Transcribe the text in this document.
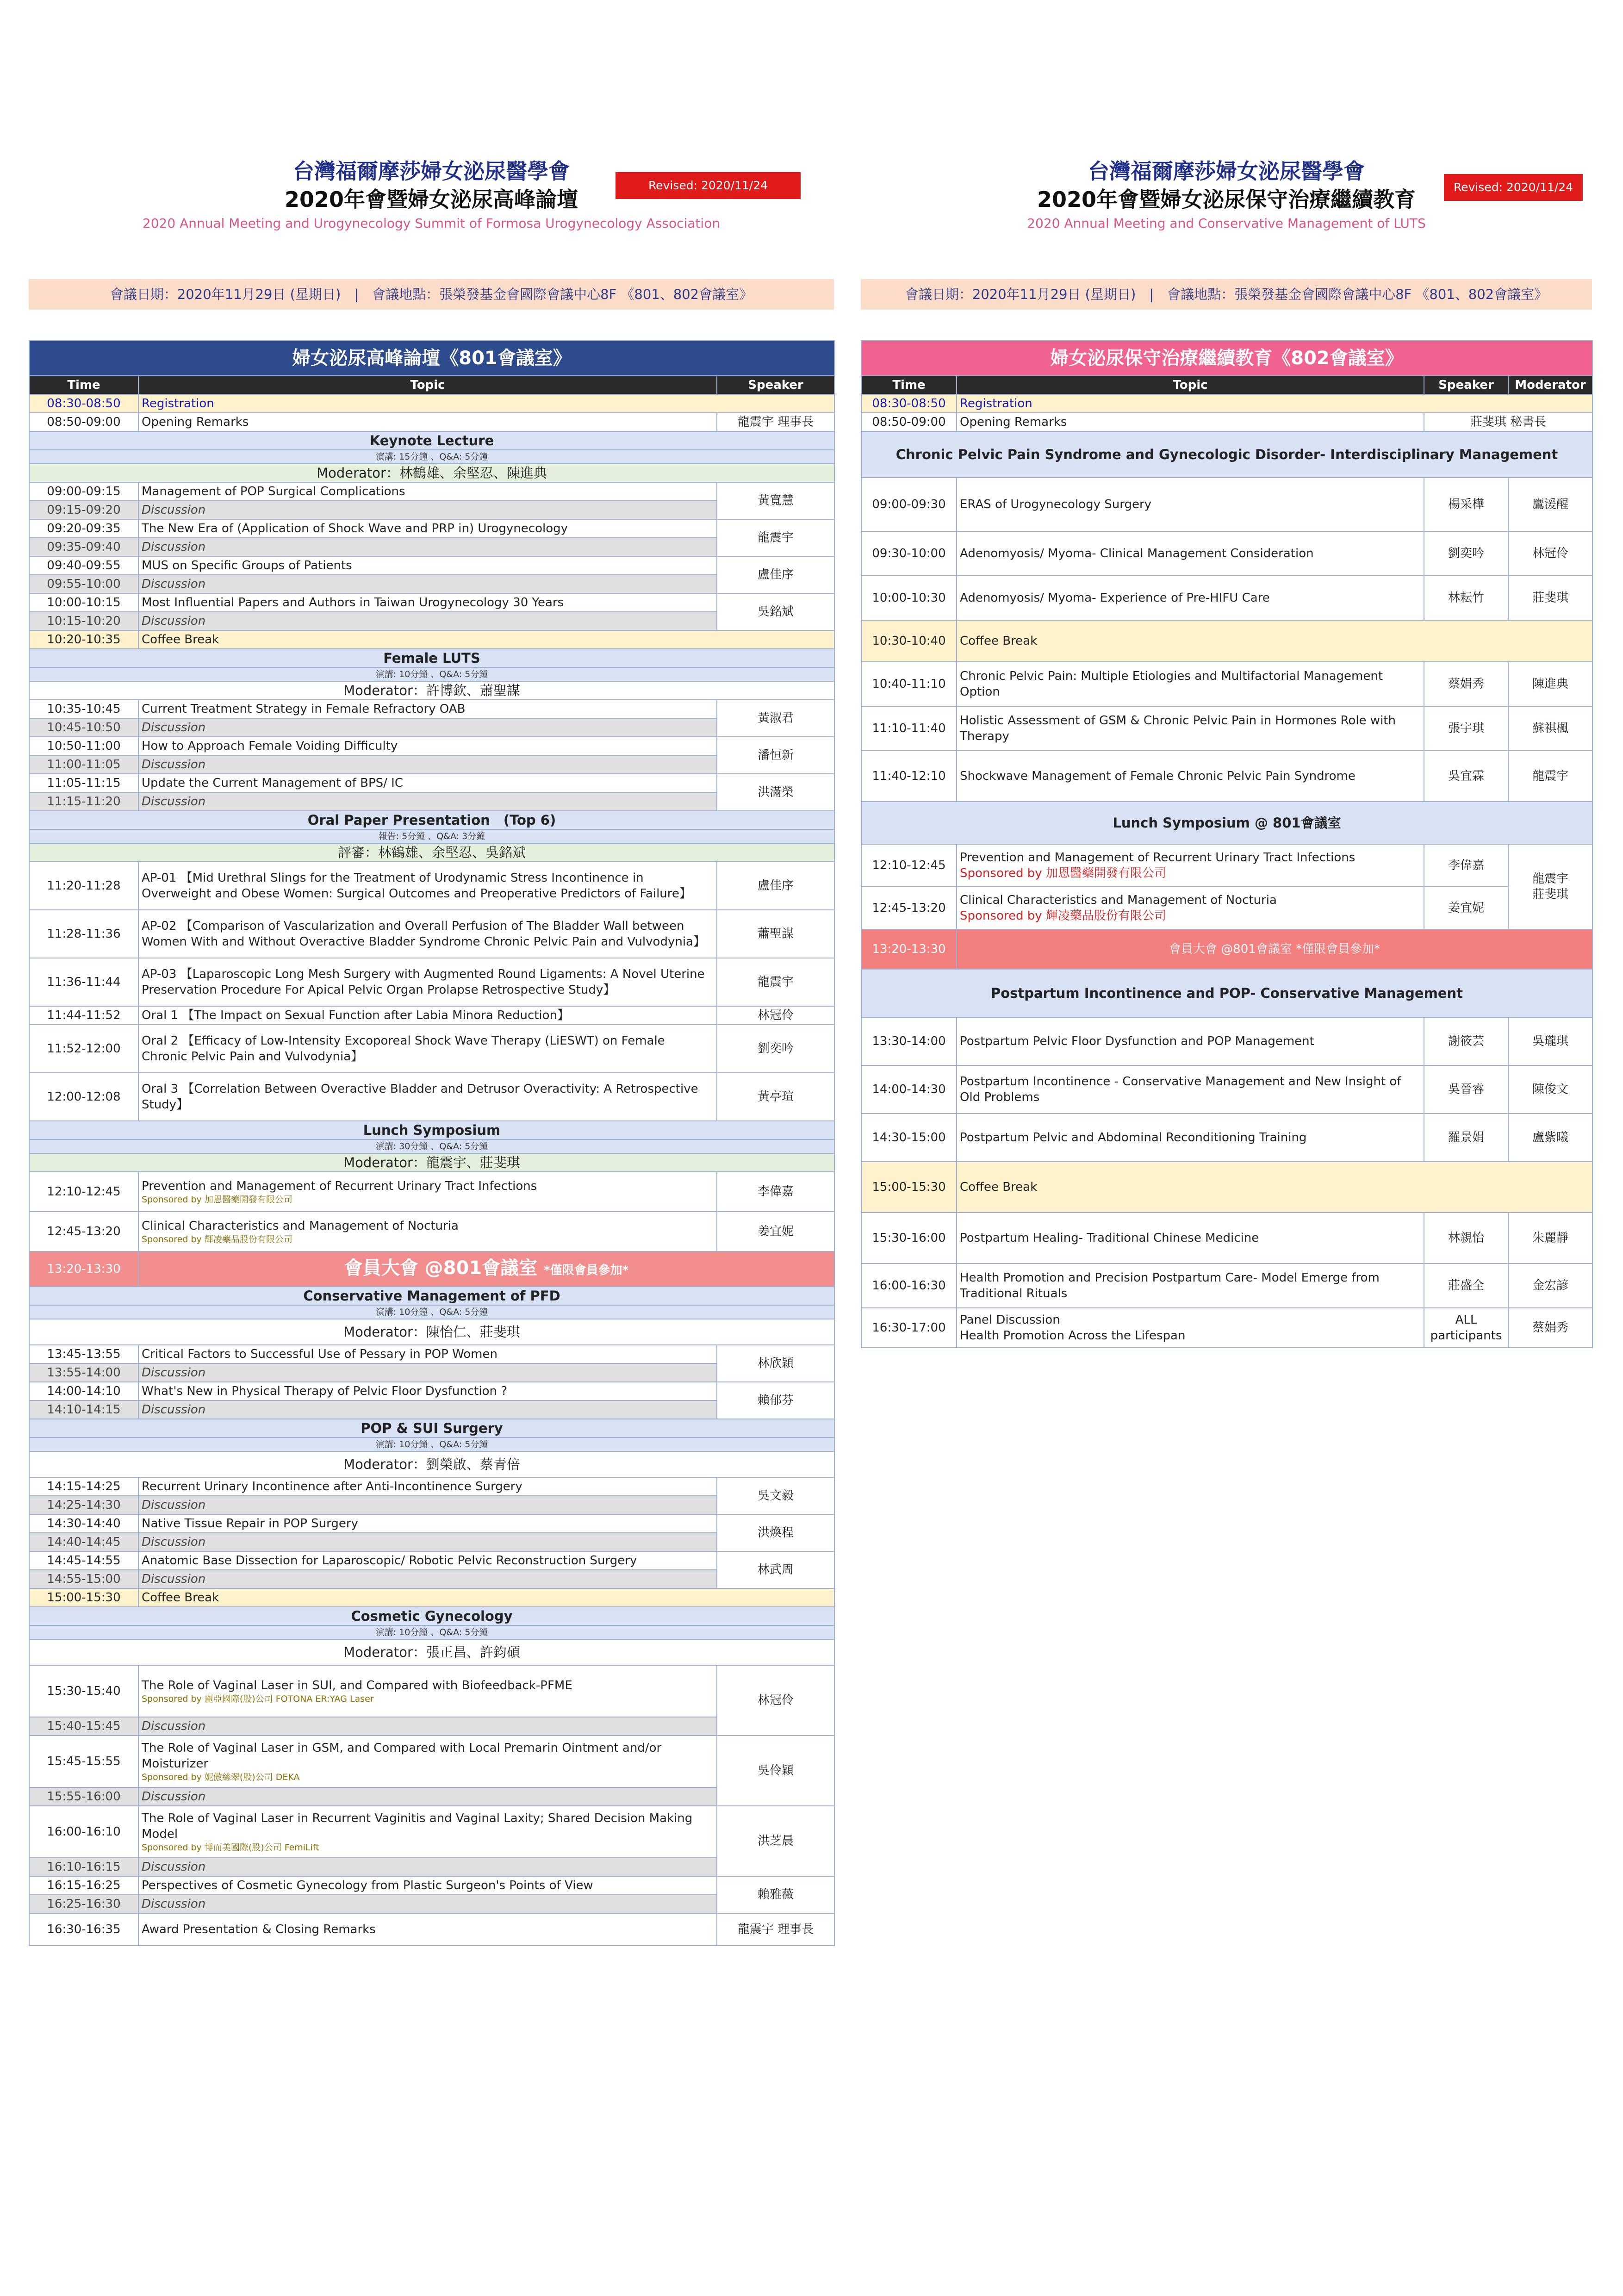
台灣福爾摩莎婦女泌尿醫學會
2020年會暨婦女泌尿高峰論壇
2020 Annual Meeting and Urogynecology Summit of Formosa Urogynecology Association
Revised: 2020/11/24
會議日期：2020年11月29日 (星期日)　|　會議地點：張榮發基金會國際會議中心8F 《801、802會議室》
婦女泌尿高峰論壇《801會議室》		
Time	Topic	Speaker
08:30-08:50	Registration	
08:50-09:00	Opening Remarks	龍震宇 理事長
Keynote Lecture		
演講: 15分鐘 、Q&A: 5分鐘		
Moderator：林鶴雄、余堅忍、陳進典		
09:00-09:15	Management of POP Surgical Complications	黃寬慧
09:15-09:20	Discussion	
09:20-09:35	The New Era of (Application of Shock Wave and PRP in) Urogynecology	龍震宇
09:35-09:40	Discussion	
09:40-09:55	MUS on Specific Groups of Patients	盧佳序
09:55-10:00	Discussion	
10:00-10:15	Most Influential Papers and Authors in Taiwan Urogynecology 30 Years	吳銘斌
10:15-10:20	Discussion	
10:20-10:35	Coffee Break	
Female LUTS		
演講: 10分鐘 、Q&A: 5分鐘		
Moderator：許博欽、蕭聖謀		
10:35-10:45	Current Treatment Strategy in Female Refractory OAB	黃淑君
10:45-10:50	Discussion	
10:50-11:00	How to Approach Female Voiding Difficulty	潘恒新
11:00-11:05	Discussion	
11:05-11:15	Update the Current Management of BPS/ IC	洪滿榮
11:15-11:20	Discussion	
Oral Paper Presentation　(Top 6)		
報告: 5分鐘 、Q&A: 3分鐘		
評審：林鶴雄、余堅忍、吳銘斌		
11:20-11:28	AP-01 【Mid Urethral Slings for the Treatment of Urodynamic Stress Incontinence in Overweight and Obese Women: Surgical Outcomes and Preoperative Predictors of Failure】	盧佳序
11:28-11:36	AP-02 【Comparison of Vascularization and Overall Perfusion of The Bladder Wall between Women With and Without Overactive Bladder Syndrome Chronic Pelvic Pain and Vulvodynia】	蕭聖謀
11:36-11:44	AP-03 【Laparoscopic Long Mesh Surgery with Augmented Round Ligaments: A Novel Uterine Preservation Procedure For Apical Pelvic Organ Prolapse Retrospective Study】	龍震宇
11:44-11:52	Oral 1 【The Impact on Sexual Function after Labia Minora Reduction】	林冠伶
11:52-12:00	Oral 2 【Efficacy of Low-Intensity Excoporeal Shock Wave Therapy (LiESWT) on Female Chronic Pelvic Pain and Vulvodynia】	劉奕吟
12:00-12:08	Oral 3 【Correlation Between Overactive Bladder and Detrusor Overactivity: A Retrospective Study】	黃亭瑄
Lunch Symposium		
演講: 30分鐘 、Q&A: 5分鐘		
Moderator：龍震宇、莊斐琪		
12:10-12:45	Prevention and Management of Recurrent Urinary Tract Infections
Sponsored by 加恩醫藥開發有限公司	李偉嘉
12:45-13:20	Clinical Characteristics and Management of Nocturia
Sponsored by 輝凌藥品股份有限公司	姜宜妮
13:20-13:30	會員大會 @801會議室 *僅限會員參加*	
Conservative Management of PFD		
演講: 10分鐘 、Q&A: 5分鐘		
Moderator：陳怡仁、莊斐琪		
13:45-13:55	Critical Factors to Successful Use of Pessary in POP Women	林欣穎
13:55-14:00	Discussion	
14:00-14:10	What's New in Physical Therapy of Pelvic Floor Dysfunction ?	賴郁芬
14:10-14:15	Discussion	
POP & SUI Surgery		
演講: 10分鐘 、Q&A: 5分鐘		
Moderator：劉榮啟、蔡青倍		
14:15-14:25	Recurrent Urinary Incontinence after Anti-Incontinence Surgery	吳文毅
14:25-14:30	Discussion	
14:30-14:40	Native Tissue Repair in POP Surgery	洪煥程
14:40-14:45	Discussion	
14:45-14:55	Anatomic Base Dissection for Laparoscopic/ Robotic Pelvic Reconstruction Surgery	林武周
14:55-15:00	Discussion	
15:00-15:30	Coffee Break	
Cosmetic Gynecology		
演講: 10分鐘 、Q&A: 5分鐘		
Moderator：張正昌、許鈞碩		
15:30-15:40	The Role of Vaginal Laser in SUI, and Compared with Biofeedback-PFME
Sponsored by 麗亞國際(股)公司 FOTONA ER:YAG Laser	林冠伶
15:40-15:45	Discussion	
15:45-15:55	The Role of Vaginal Laser in GSM, and Compared with Local Premarin Ointment and/or Moisturizer
Sponsored by 妮傲絲翠(股)公司 DEKA	吳伶穎
15:55-16:00	Discussion	
16:00-16:10	The Role of Vaginal Laser in Recurrent Vaginitis and Vaginal Laxity; Shared Decision Making Model
Sponsored by 博而美國際(股)公司 FemiLift	洪芝晨
16:10-16:15	Discussion	
16:15-16:25	Perspectives of Cosmetic Gynecology from Plastic Surgeon's Points of View	賴雅薇
16:25-16:30	Discussion	
16:30-16:35	Award Presentation & Closing Remarks	龍震宇 理事長
台灣福爾摩莎婦女泌尿醫學會
2020年會暨婦女泌尿保守治療繼續教育
2020 Annual Meeting and Conservative Management of LUTS
Revised: 2020/11/24
會議日期：2020年11月29日 (星期日)　|　會議地點：張榮發基金會國際會議中心8F 《801、802會議室》
婦女泌尿保守治療繼續教育《802會議室》			
Time	Topic	Speaker	Moderator
08:30-08:50	Registration		
08:50-09:00	Opening Remarks	莊斐琪 秘書長	
Chronic Pelvic Pain Syndrome and Gynecologic Disorder- Interdisciplinary Management			
09:00-09:30	ERAS of Urogynecology Surgery	楊采樺	鷹湲醒
09:30-10:00	Adenomyosis/ Myoma- Clinical Management Consideration	劉奕吟	林冠伶
10:00-10:30	Adenomyosis/ Myoma- Experience of Pre-HIFU Care	林耘竹	莊斐琪
10:30-10:40	Coffee Break		
10:40-11:10	Chronic Pelvic Pain: Multiple Etiologies and Multifactorial Management Option	蔡娟秀	陳進典
11:10-11:40	Holistic Assessment of GSM & Chronic Pelvic Pain in Hormones Role with Therapy	張宇琪	蘇祺楓
11:40-12:10	Shockwave Management of Female Chronic Pelvic Pain Syndrome	吳宜霖	龍震宇
Lunch Symposium @ 801會議室			
12:10-12:45	Prevention and Management of Recurrent Urinary Tract Infections
Sponsored by 加恩醫藥開發有限公司	李偉嘉	龍震宇
莊斐琪
12:45-13:20	Clinical Characteristics and Management of Nocturia
Sponsored by 輝凌藥品股份有限公司	姜宜妮	
13:20-13:30	會員大會 @801會議室 *僅限會員參加*		
Postpartum Incontinence and POP- Conservative Management			
13:30-14:00	Postpartum Pelvic Floor Dysfunction and POP Management	謝筱芸	吳瓏琪
14:00-14:30	Postpartum Incontinence - Conservative Management and New Insight of Old Problems	吳晉睿	陳俊文
14:30-15:00	Postpartum Pelvic and Abdominal Reconditioning Training	羅景娟	盧紫曦
15:00-15:30	Coffee Break		
15:30-16:00	Postpartum Healing- Traditional Chinese Medicine	林親怡	朱麗靜
16:00-16:30	Health Promotion and Precision Postpartum Care- Model Emerge from Traditional Rituals	莊盛全	金宏諺
16:30-17:00	Panel Discussion
Health Promotion Across the Lifespan	ALL participants	蔡娟秀
